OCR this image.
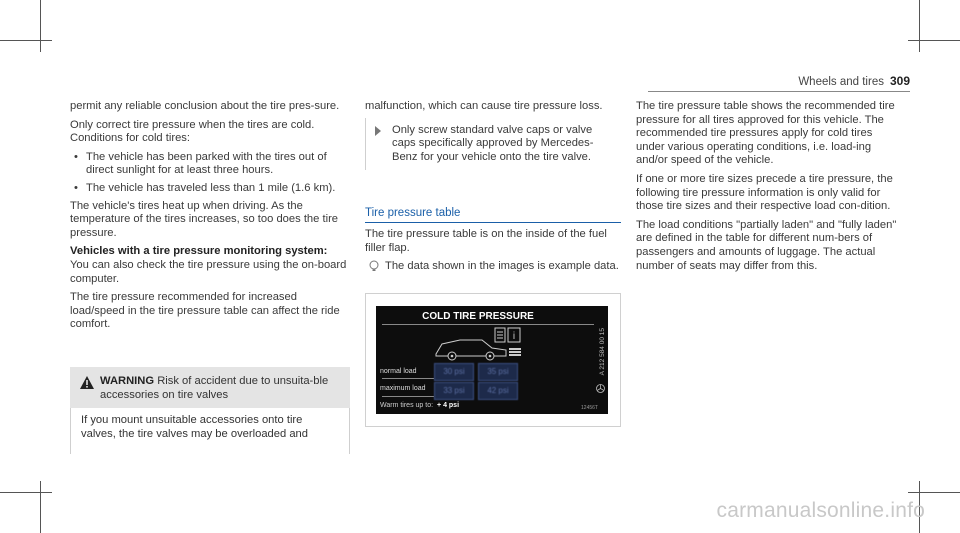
Wheels and tires 309

permit any reliable conclusion about the tire pres-sure.

Only correct tire pressure when the tires are cold. Conditions for cold tires:

• The vehicle has been parked with the tires out of direct sunlight for at least three hours.
• The vehicle has traveled less than 1 mile (1.6 km).

The vehicle's tires heat up when driving. As the temperature of the tires increases, so too does the tire pressure.

Vehicles with a tire pressure monitoring system:

You can also check the tire pressure using the on-board computer.

The tire pressure recommended for increased load/speed in the tire pressure table can affect the ride comfort.

WARNING Risk of accident due to unsuita-ble accessories on tire valves
If you mount unsuitable accessories onto tire valves, the tire valves may be overloaded and
malfunction, which can cause tire pressure loss.
Only screw standard valve caps or valve caps specifically approved by Mercedes-Benz for your vehicle onto the tire valve.
Tire pressure table

The tire pressure table is on the inside of the fuel filler flap.

The data shown in the images is example data.
COLD TIRE PRESSURE
i
normal load
maximum load
30 psi	35 psi
33 psi	42 psi
Warm tires up to: + 4 psi
A 212 584 00 15
12456T

The tire pressure table shows the recommended tire pressure for all tires approved for this vehicle. The recommended tire pressures apply for cold tires under various operating conditions, i.e. load-ing and/or speed of the vehicle.

If one or more tire sizes precede a tire pressure, the following tire pressure information is only valid for those tire sizes and their respective load con-dition.

The load conditions "partially laden" and "fully laden" are defined in the table for different num-bers of passengers and amounts of luggage. The actual number of seats may differ from this.

carmanualsonline.info
